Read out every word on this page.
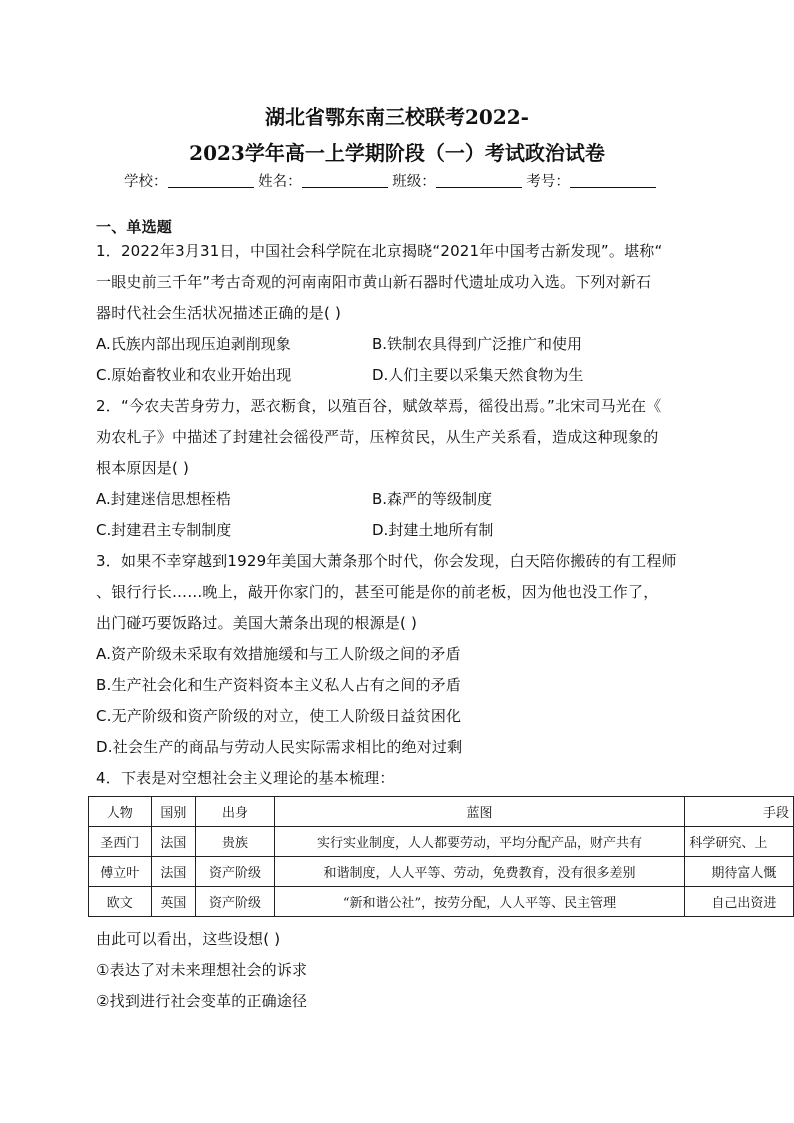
湖北省鄂东南三校联考2022-
2023学年高一上学期阶段（一）考试政治试卷
学校：	姓名：	班级：	考号：
一、单选题
1．2022年3月31日，中国社会科学院在北京揭晓“2021年中国考古新发现”。堪称“
一眼史前三千年”考古奇观的河南南阳市黄山新石器时代遗址成功入选。下列对新石
器时代社会生活状况描述正确的是( )
A.氏族内部出现压迫剥削现象	B.铁制农具得到广泛推广和使用
C.原始畜牧业和农业开始出现	D.人们主要以采集天然食物为生
2．“今农夫苦身劳力，恶衣粝食，以殖百谷，赋敛萃焉，徭役出焉。”北宋司马光在《
劝农札子》中描述了封建社会徭役严苛，压榨贫民，从生产关系看，造成这种现象的
根本原因是( )
A.封建迷信思想桎梏	B.森严的等级制度
C.封建君主专制制度	D.封建土地所有制
3．如果不幸穿越到1929年美国大萧条那个时代，你会发现，白天陪你搬砖的有工程师
、银行行长……晚上，敲开你家门的，甚至可能是你的前老板，因为他也没工作了，
出门碰巧要饭路过。美国大萧条出现的根源是( )
A.资产阶级未采取有效措施缓和与工人阶级之间的矛盾
B.生产社会化和生产资料资本主义私人占有之间的矛盾
C.无产阶级和资产阶级的对立，使工人阶级日益贫困化
D.社会生产的商品与劳动人民实际需求相比的绝对过剩
4．下表是对空想社会主义理论的基本梳理：
人物	国别	出身	蓝图	手段
圣西门	法国	贵族	实行实业制度，人人都要劳动，平均分配产品，财产共有	科学研究、上
傅立叶	法国	资产阶级	和谐制度，人人平等、劳动，免费教育，没有很多差别	期待富人慨
欧文	英国	资产阶级	“新和谐公社”，按劳分配，人人平等、民主管理	自己出资进
由此可以看出，这些设想( )
①表达了对未来理想社会的诉求
②找到进行社会变革的正确途径
